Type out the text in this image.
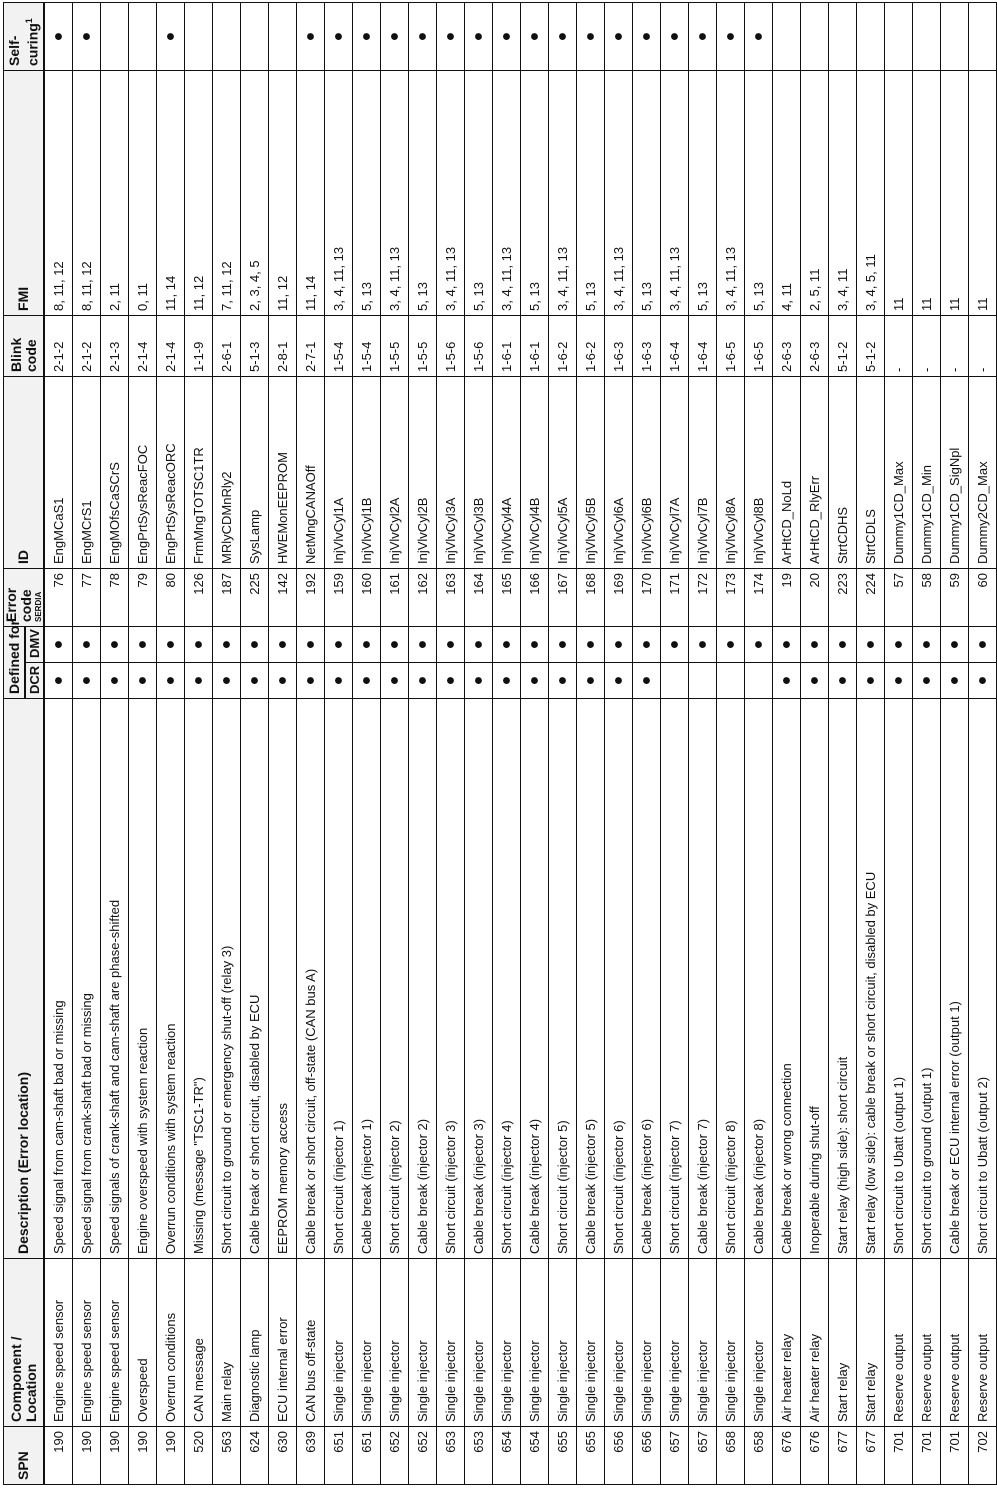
SPN	Component / Location	Description (Error location)	Defined for		Error code SERDIA	ID	Blink code	FMI	Self- curing$^1$

			DCR	DMV					
190	Engine speed sensor	Speed signal from cam-shaft bad or missing	●	●	76	EngMCaS1	2-1-2	8, 11, 12	●
190	Engine speed sensor	Speed signal from crank-shaft bad or missing	●	●	77	EngMCrS1	2-1-2	8, 11, 12	●
190	Engine speed sensor	Speed signals of crank-shaft and cam-shaft are phase-shifted	●	●	78	EngMOfsCaSCrS	2-1-3	2, 11	
190	Overspeed	Engine overspeed with system reaction	●	●	79	EngPrtSysReacFOC	2-1-4	0, 11	
190	Overrun conditions	Overrun conditions with system reaction	●	●	80	EngPrtSysReacORC	2-1-4	11, 14	●
520	CAN message	Missing (message "TSC1-TR")	●	●	126	FrmMngTOTSC1TR	1-1-9	11, 12	
563	Main relay	Short circuit to ground or emergency shut-off (relay 3)	●	●	187	MRlyCDMnRly2	2-6-1	7, 11, 12	
624	Diagnostic lamp	Cable break or short circuit, disabled by ECU	●	●	225	SysLamp	5-1-3	2, 3, 4, 5	
630	ECU internal error	EEPROM memory access	●	●	142	HWEMonEEPROM	2-8-1	11, 12	
639	CAN bus off-state	Cable break or short circuit, off-state (CAN bus A)	●	●	192	NetMngCANAOff	2-7-1	11, 14	●
651	Single injector	Short circuit (injector 1)	●	●	159	InjVlvCyl1A	1-5-4	3, 4, 11, 13	●
651	Single injector	Cable break (injector 1)	●	●	160	InjVlvCyl1B	1-5-4	5, 13	●
652	Single injector	Short circuit (injector 2)	●	●	161	InjVlvCyl2A	1-5-5	3, 4, 11, 13	●
652	Single injector	Cable break (injector 2)	●	●	162	InjVlvCyl2B	1-5-5	5, 13	●
653	Single injector	Short circuit (injector 3)	●	●	163	InjVlvCyl3A	1-5-6	3, 4, 11, 13	●
653	Single injector	Cable break (injector 3)	●	●	164	InjVlvCyl3B	1-5-6	5, 13	●
654	Single injector	Short circuit (injector 4)	●	●	165	InjVlvCyl4A	1-6-1	3, 4, 11, 13	●
654	Single injector	Cable break (injector 4)	●	●	166	InjVlvCyl4B	1-6-1	5, 13	●
655	Single injector	Short circuit (injector 5)	●	●	167	InjVlvCyl5A	1-6-2	3, 4, 11, 13	●
655	Single injector	Cable break (injector 5)	●	●	168	InjVlvCyl5B	1-6-2	5, 13	●
656	Single injector	Short circuit (injector 6)	●	●	169	InjVlvCyl6A	1-6-3	3, 4, 11, 13	●
656	Single injector	Cable break (injector 6)	●	●	170	InjVlvCyl6B	1-6-3	5, 13	●
657	Single injector	Short circuit (injector 7)		●	171	InjVlvCyl7A	1-6-4	3, 4, 11, 13	●
657	Single injector	Cable break (injector 7)		●	172	InjVlvCyl7B	1-6-4	5, 13	●
658	Single injector	Short circuit (injector 8)		●	173	InjVlvCyl8A	1-6-5	3, 4, 11, 13	●
658	Single injector	Cable break (injector 8)		●	174	InjVlvCyl8B	1-6-5	5, 13	●
676	Air heater relay	Cable break or wrong connection	●	●	19	ArHtCD_NoLd	2-6-3	4, 11	
676	Air heater relay	Inoperable during shut-off	●	●	20	ArHtCD_RlyErr	2-6-3	2, 5, 11	
677	Start relay	Start relay (high side): short circuit	●	●	223	StrtCDHS	5-1-2	3, 4, 11	
677	Start relay	Start relay (low side): cable break or short circuit, disabled by ECU	●	●	224	StrtCDLS	5-1-2	3, 4, 5, 11	
701	Reserve output	Short circuit to Ubatt (output 1)	●	●	57	Dummy1CD_Max	-	11	
701	Reserve output	Short circuit to ground (output 1)	●	●	58	Dummy1CD_Min	-	11	
701	Reserve output	Cable break or ECU internal error (output 1)	●	●	59	Dummy1CD_SigNpl	-	11	
702	Reserve output	Short circuit to Ubatt (output 2)	●	●	60	Dummy2CD_Max	-	11	
